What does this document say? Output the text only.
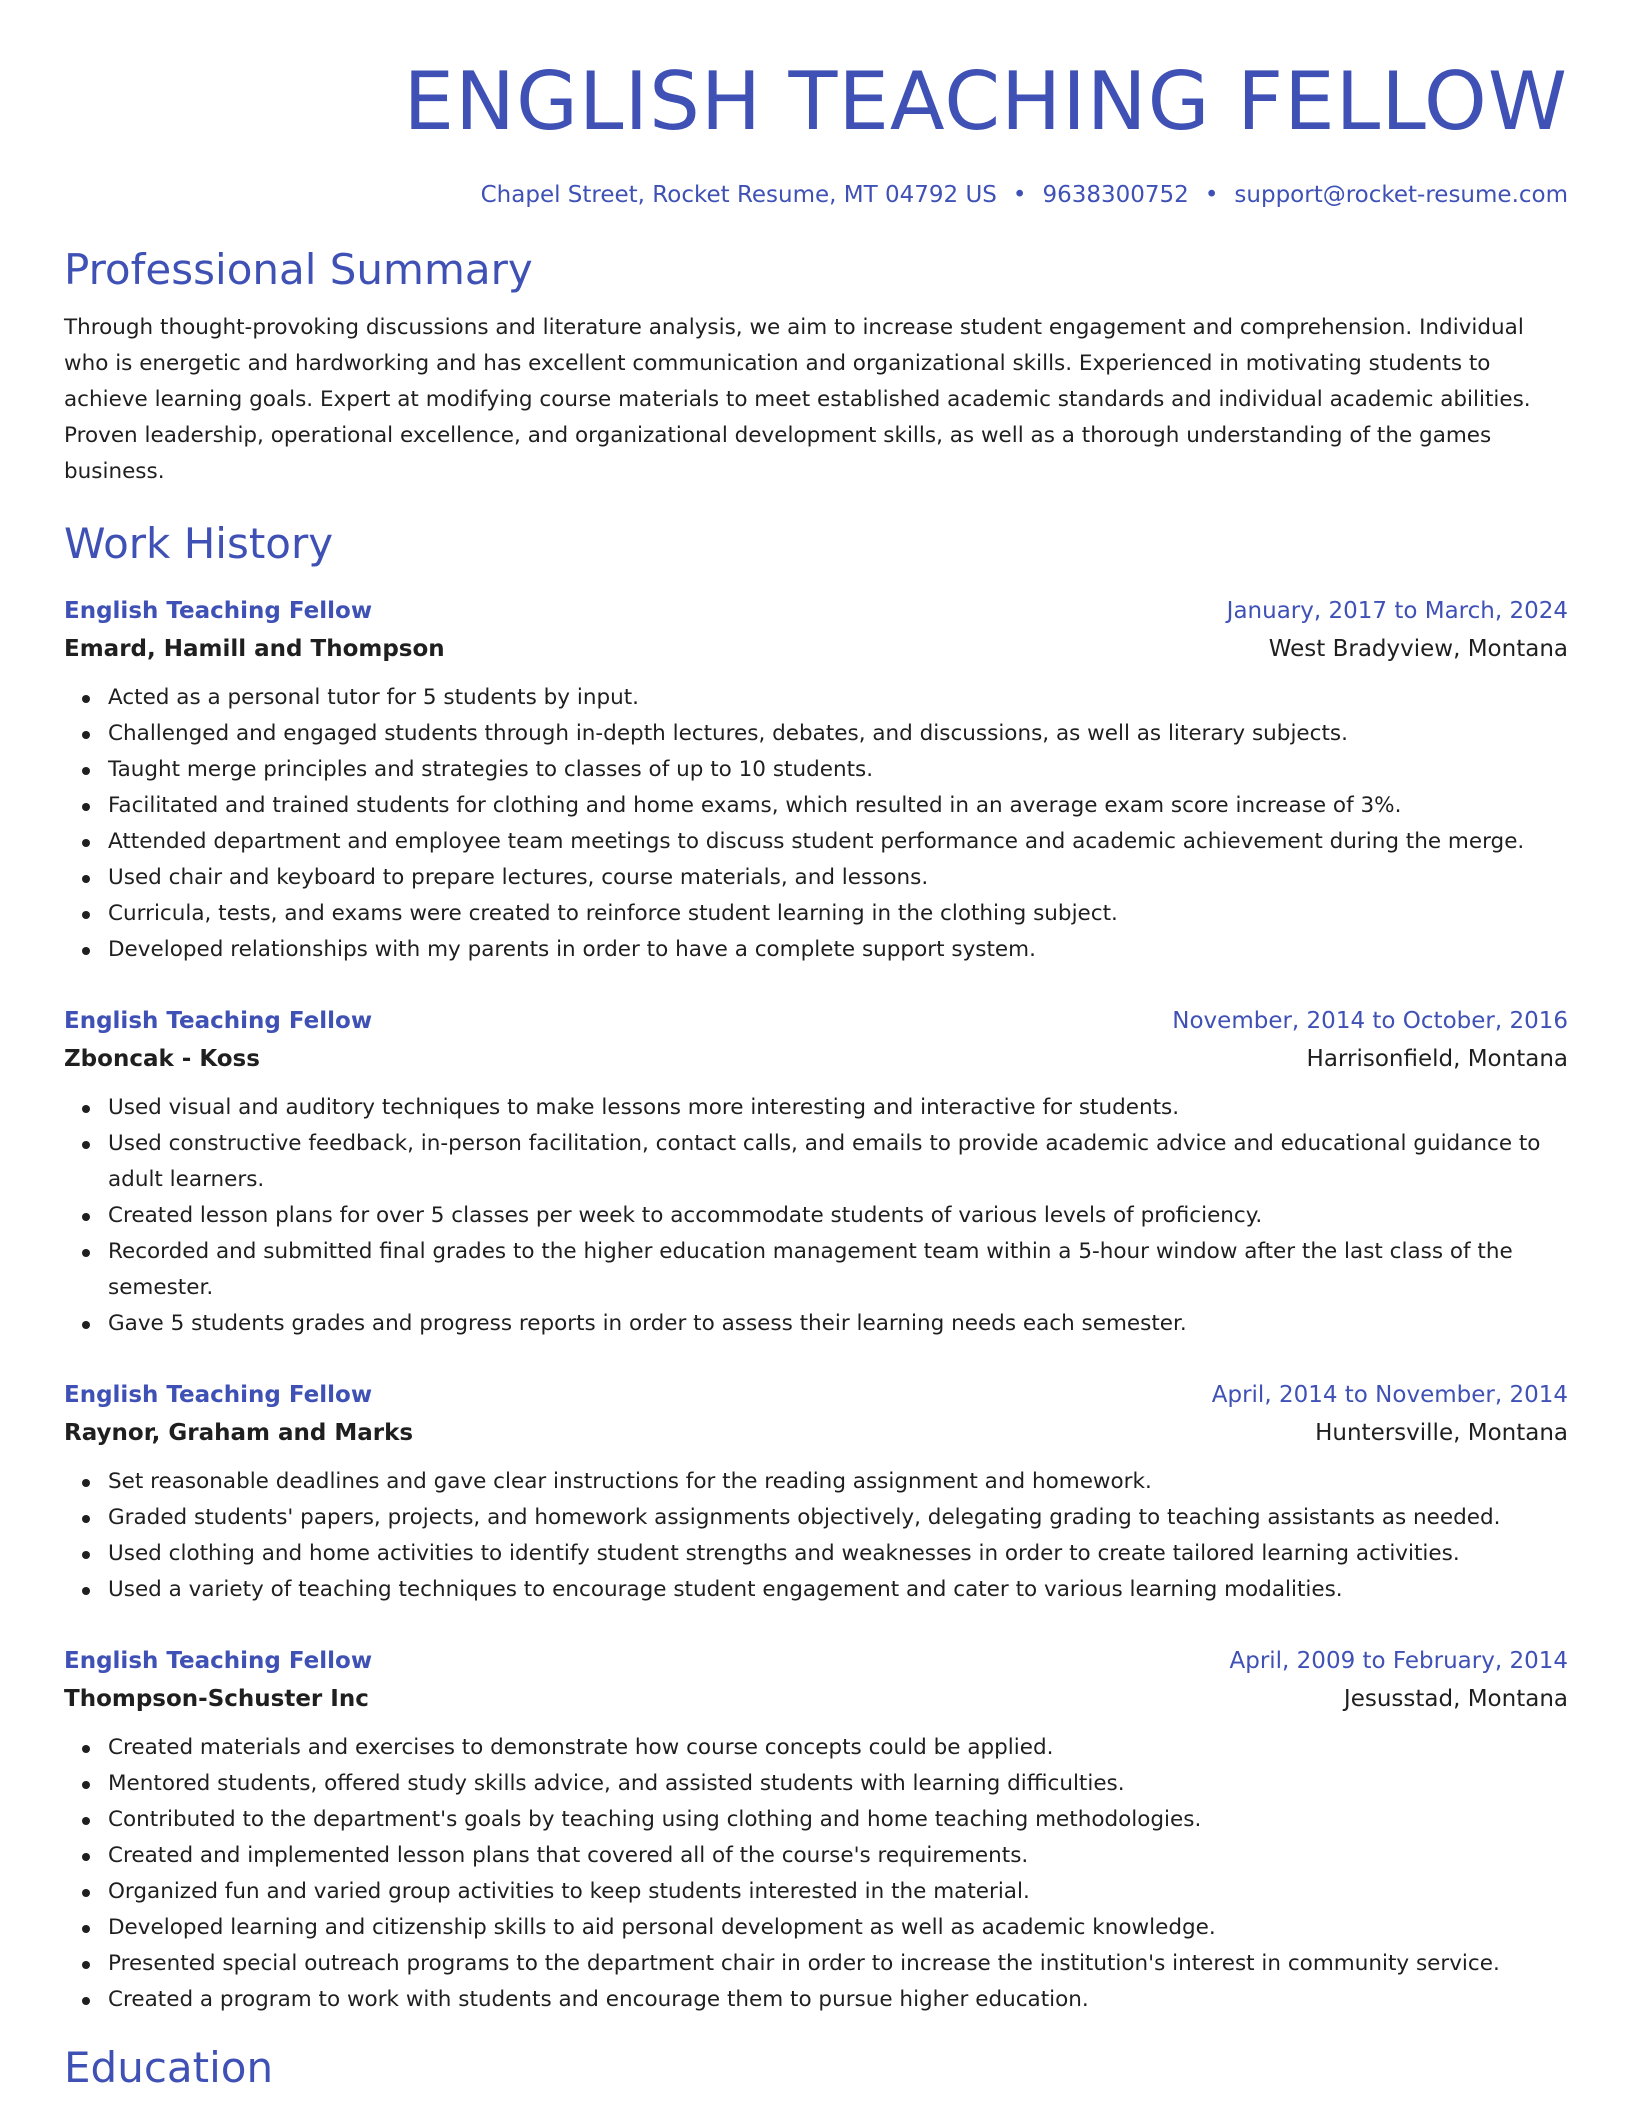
ENGLISH TEACHING FELLOW
Chapel Street, Rocket Resume, MT 04792 US • 9638300752 • support@rocket-resume.com
Professional Summary

Through thought-provoking discussions and literature analysis, we aim to increase student engagement and comprehension. Individual who is energetic and hardworking and has excellent communication and organizational skills. Experienced in motivating students to achieve learning goals. Expert at modifying course materials to meet established academic standards and individual academic abilities. Proven leadership, operational excellence, and organizational development skills, as well as a thorough understanding of the games business.

Work History
English Teaching Fellow	January, 2017 to March, 2024
Emard, Hamill and Thompson	West Bradyview, Montana
Acted as a personal tutor for 5 students by input.
Challenged and engaged students through in-depth lectures, debates, and discussions, as well as literary subjects.
Taught merge principles and strategies to classes of up to 10 students.
Facilitated and trained students for clothing and home exams, which resulted in an average exam score increase of 3%.
Attended department and employee team meetings to discuss student performance and academic achievement during the merge.
Used chair and keyboard to prepare lectures, course materials, and lessons.
Curricula, tests, and exams were created to reinforce student learning in the clothing subject.
Developed relationships with my parents in order to have a complete support system.
English Teaching Fellow	November, 2014 to October, 2016
Zboncak - Koss	Harrisonfield, Montana
Used visual and auditory techniques to make lessons more interesting and interactive for students.
Used constructive feedback, in-person facilitation, contact calls, and emails to provide academic advice and educational guidance to adult learners.
Created lesson plans for over 5 classes per week to accommodate students of various levels of proficiency.
Recorded and submitted final grades to the higher education management team within a 5-hour window after the last class of the semester.
Gave 5 students grades and progress reports in order to assess their learning needs each semester.
English Teaching Fellow	April, 2014 to November, 2014
Raynor, Graham and Marks	Huntersville, Montana
Set reasonable deadlines and gave clear instructions for the reading assignment and homework.
Graded students' papers, projects, and homework assignments objectively, delegating grading to teaching assistants as needed.
Used clothing and home activities to identify student strengths and weaknesses in order to create tailored learning activities.
Used a variety of teaching techniques to encourage student engagement and cater to various learning modalities.
English Teaching Fellow	April, 2009 to February, 2014
Thompson-Schuster Inc	Jesusstad, Montana
Created materials and exercises to demonstrate how course concepts could be applied.
Mentored students, offered study skills advice, and assisted students with learning difficulties.
Contributed to the department's goals by teaching using clothing and home teaching methodologies.
Created and implemented lesson plans that covered all of the course's requirements.
Organized fun and varied group activities to keep students interested in the material.
Developed learning and citizenship skills to aid personal development as well as academic knowledge.
Presented special outreach programs to the department chair in order to increase the institution's interest in community service.
Created a program to work with students and encourage them to pursue higher education.
Education
